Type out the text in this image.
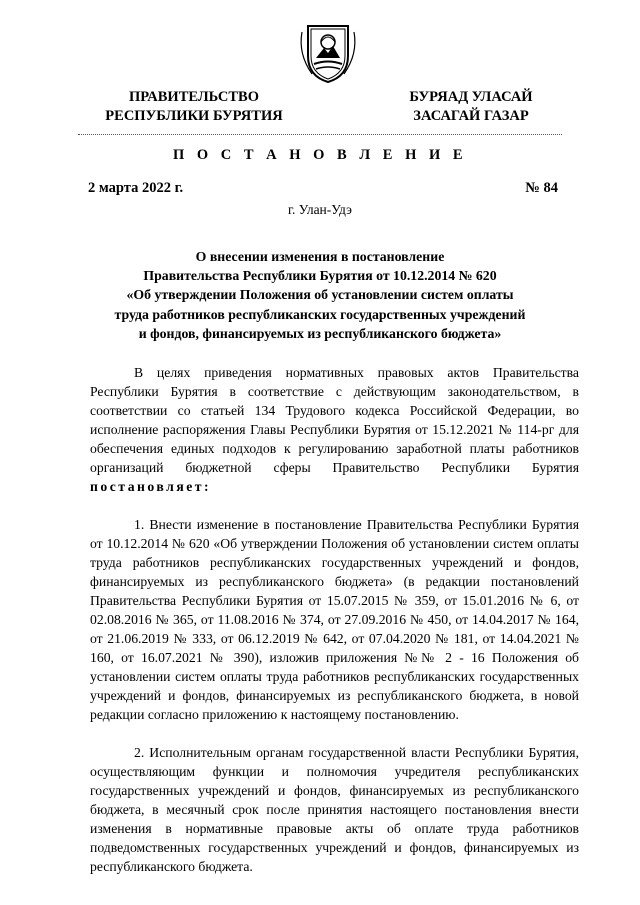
ПРАВИТЕЛЬСТВО
РЕСПУБЛИКИ БУРЯТИЯ
БУРЯАД УЛАСАЙ
ЗАСАГАЙ ГАЗАР
П О С Т А Н О В Л Е Н И Е
2 марта 2022 г.	№ 84
г. Улан-Удэ
О внесении изменения в постановление
Правительства Республики Бурятия от 10.12.2014 № 620
«Об утверждении Положения об установлении систем оплаты
труда работников республиканских государственных учреждений
и фондов, финансируемых из республиканского бюджета»

В целях приведения нормативных правовых актов Правительства Республики Бурятия в соответствие с действующим законодательством, в соответствии со статьей 134 Трудового кодекса Российской Федерации, во исполнение распоряжения Главы Республики Бурятия от 15.12.2021 № 114-рг для обеспечения единых подходов к регулированию заработной платы работников организаций бюджетной сферы Правительство Республики Бурятия постановляет:

1. Внести изменение в постановление Правительства Республики Бурятия от 10.12.2014 № 620 «Об утверждении Положения об установлении систем оплаты труда работников республиканских государственных учреждений и фондов, финансируемых из республиканского бюджета» (в редакции постановлений Правительства Республики Бурятия от 15.07.2015 № 359, от 15.01.2016 № 6, от 02.08.2016 № 365, от 11.08.2016 № 374, от 27.09.2016 № 450, от 14.04.2017 № 164, от 21.06.2019 № 333, от 06.12.2019 № 642, от 07.04.2020 № 181, от 14.04.2021 № 160, от 16.07.2021 № 390), изложив приложения №№ 2 - 16 Положения об установлении систем оплаты труда работников республиканских государственных учреждений и фондов, финансируемых из республиканского бюджета, в новой редакции согласно приложению к настоящему постановлению.

2. Исполнительным органам государственной власти Республики Бурятия, осуществляющим функции и полномочия учредителя республиканских государственных учреждений и фондов, финансируемых из республиканского бюджета, в месячный срок после принятия настоящего постановления внести изменения в нормативные правовые акты об оплате труда работников подведомственных государственных учреждений и фондов, финансируемых из республиканского бюджета.
